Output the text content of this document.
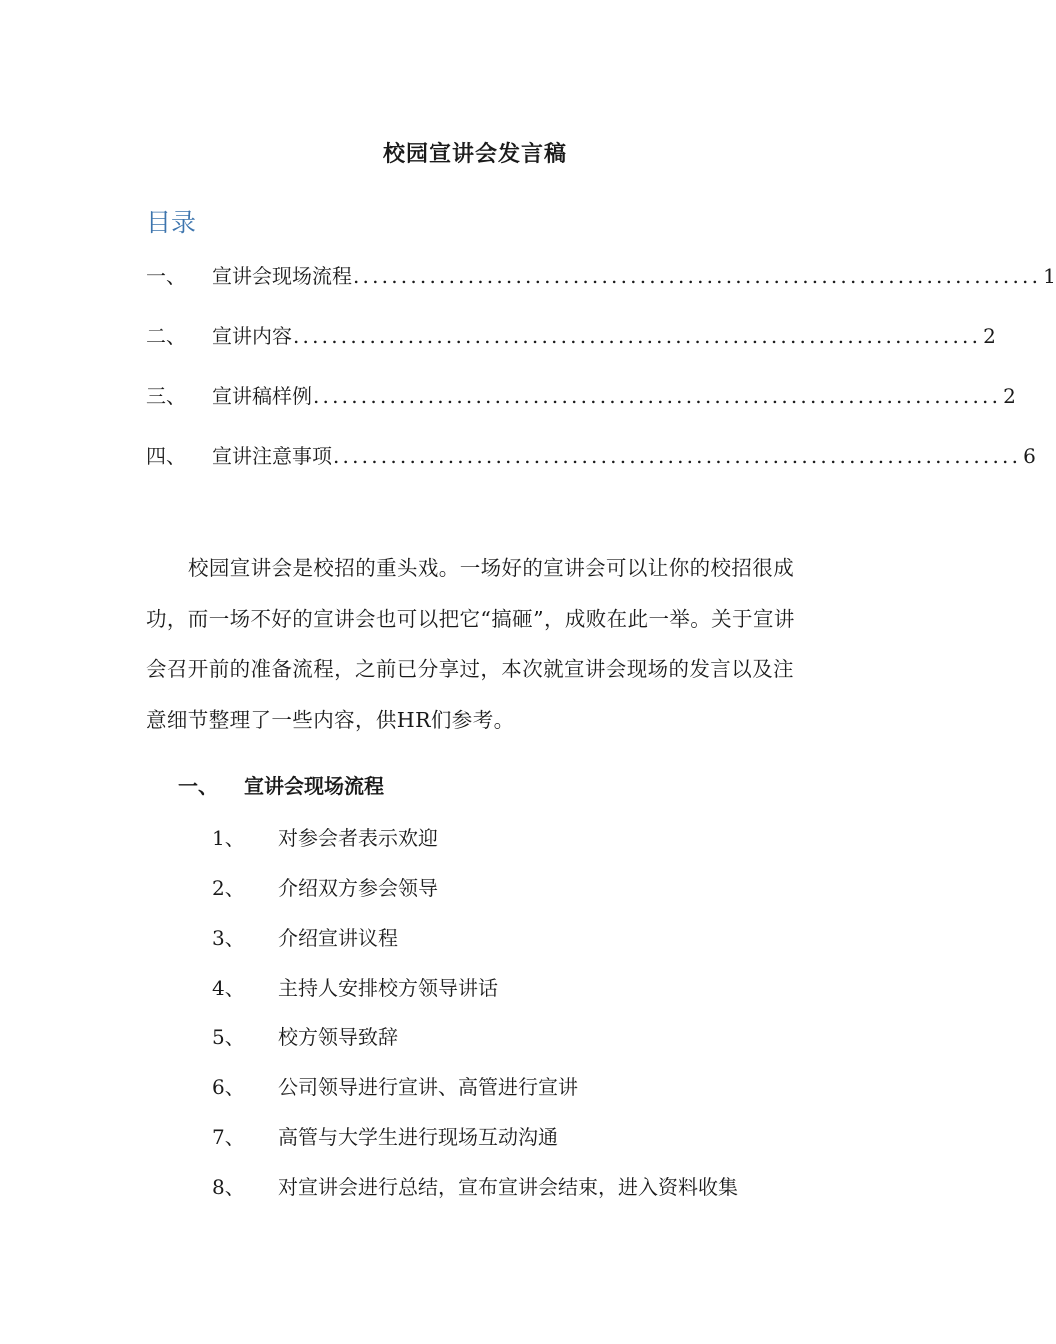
校园宣讲会发言稿
目录
一、	宣讲会现场流程 ........................................................................ 1
二、	宣讲内容 ........................................................................ 2
三、	宣讲稿样例 ........................................................................ 2
四、	宣讲注意事项 ........................................................................ 6

校园宣讲会是校招的重头戏。一场好的宣讲会可以让你的校招很成功，而一场不好的宣讲会也可以把它“搞砸”，成败在此一举。关于宣讲会召开前的准备流程，之前已分享过，本次就宣讲会现场的发言以及注意细节整理了一些内容，供HR们参考。

一、	宣讲会现场流程
1、	对参会者表示欢迎
2、	介绍双方参会领导
3、	介绍宣讲议程
4、	主持人安排校方领导讲话
5、	校方领导致辞
6、	公司领导进行宣讲、高管进行宣讲
7、	高管与大学生进行现场互动沟通
8、	对宣讲会进行总结，宣布宣讲会结束，进入资料收集
